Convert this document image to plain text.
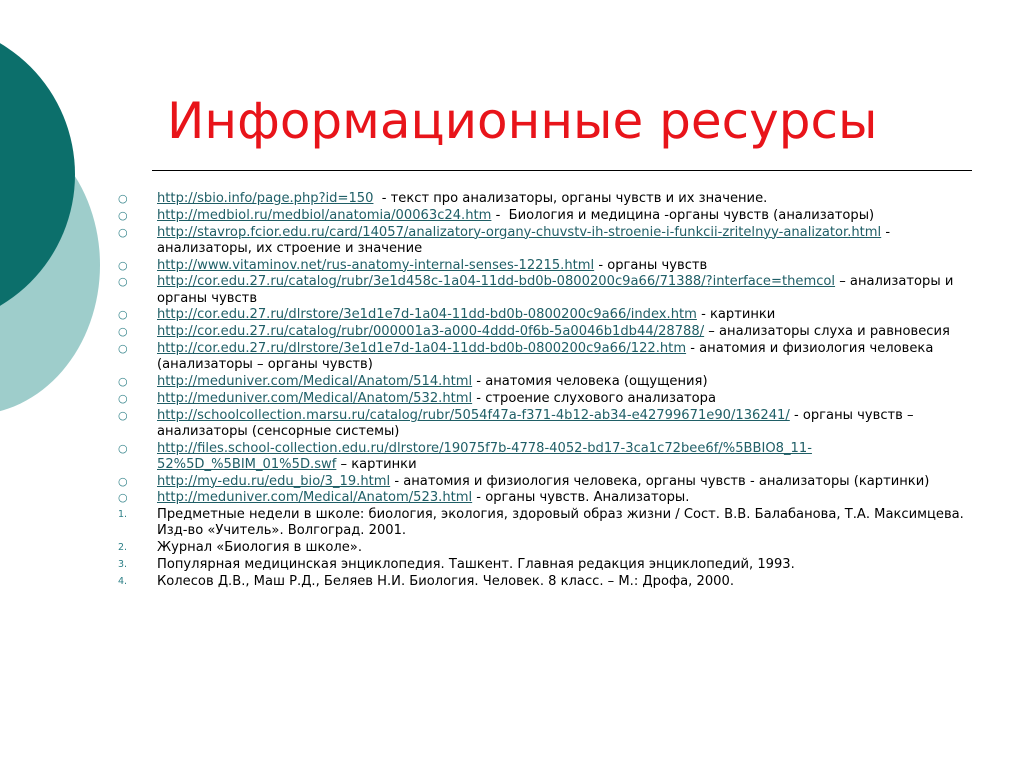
Информационные ресурсы
○	http://sbio.info/page.php?id=150  - текст про анализаторы, органы чувств и их значение.
○	http://medbiol.ru/medbiol/anatomia/00063c24.htm -  Биология и медицина -органы чувств (анализаторы)
○	http://stavrop.fcior.edu.ru/card/14057/analizatory-organy-chuvstv-ih-stroenie-i-funkcii-zritelnyy-analizator.html - анализаторы, их строение и значение
○	http://www.vitaminov.net/rus-anatomy-internal-senses-12215.html - органы чувств
○	http://cor.edu.27.ru/catalog/rubr/3e1d458c-1a04-11dd-bd0b-0800200c9a66/71388/?interface=themcol – анализаторы и органы чувств
○	http://cor.edu.27.ru/dlrstore/3e1d1e7d-1a04-11dd-bd0b-0800200c9a66/index.htm - картинки
○	http://cor.edu.27.ru/catalog/rubr/000001a3-a000-4ddd-0f6b-5a0046b1db44/28788/ – анализаторы слуха и равновесия
○	http://cor.edu.27.ru/dlrstore/3e1d1e7d-1a04-11dd-bd0b-0800200c9a66/122.htm - анатомия и физиология человека (анализаторы – органы чувств)
○	http://meduniver.com/Medical/Anatom/514.html - анатомия человека (ощущения)
○	http://meduniver.com/Medical/Anatom/532.html - строение слухового анализатора
○	http://schoolcollection.marsu.ru/catalog/rubr/5054f47a-f371-4b12-ab34-e42799671e90/136241/ - органы чувств – анализаторы (сенсорные системы)
○	http://files.school-collection.edu.ru/dlrstore/19075f7b-4778-4052-bd17-3ca1c72bee6f/%5BBIO8_11-52%5D_%5BIM_01%5D.swf – картинки
○	http://my-edu.ru/edu_bio/3_19.html - анатомия и физиология человека, органы чувств - анализаторы (картинки)
○	http://meduniver.com/Medical/Anatom/523.html - органы чувств. Анализаторы.
1.	Предметные недели в школе: биология, экология, здоровый образ жизни / Сост. В.В. Балабанова, Т.А. Максимцева. Изд-во «Учитель». Волгоград. 2001.
2.	Журнал «Биология в школе».
3.	Популярная медицинская энциклопедия. Ташкент. Главная редакция энциклопедий, 1993.
4.	Колесов Д.В., Маш Р.Д., Беляев Н.И. Биология. Человек. 8 класс. – М.: Дрофа, 2000.
